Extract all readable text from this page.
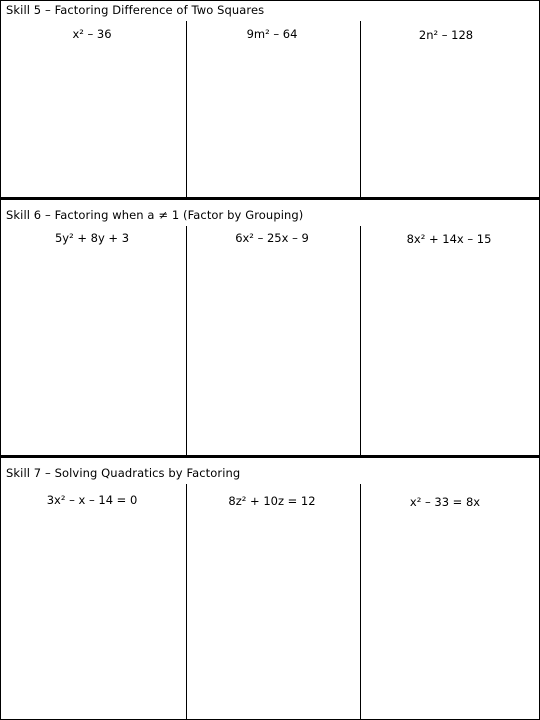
Skill 5 – Factoring Difference of Two Squares
x² – 36	9m² – 64	2n² – 128
Skill 6 – Factoring when a ≠ 1 (Factor by Grouping)
5y² + 8y + 3	6x² – 25x – 9	8x² + 14x – 15
Skill 7 – Solving Quadratics by Factoring
3x² – x – 14 = 0	8z² + 10z = 12	x² – 33 = 8x
